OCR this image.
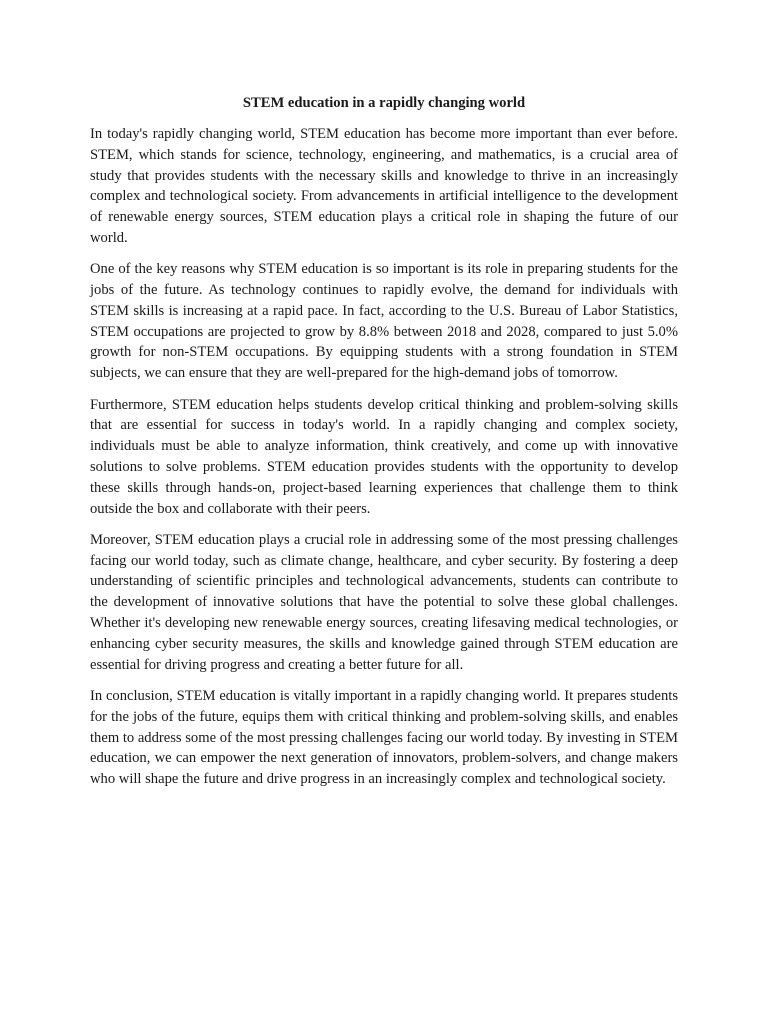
STEM education in a rapidly changing world

In today's rapidly changing world, STEM education has become more important than ever before. STEM, which stands for science, technology, engineering, and mathematics, is a crucial area of study that provides students with the necessary skills and knowledge to thrive in an increasingly complex and technological society. From advancements in artificial intelligence to the development of renewable energy sources, STEM education plays a critical role in shaping the future of our world.

One of the key reasons why STEM education is so important is its role in preparing students for the jobs of the future. As technology continues to rapidly evolve, the demand for individuals with STEM skills is increasing at a rapid pace. In fact, according to the U.S. Bureau of Labor Statistics, STEM occupations are projected to grow by 8.8% between 2018 and 2028, compared to just 5.0% growth for non-STEM occupations. By equipping students with a strong foundation in STEM subjects, we can ensure that they are well-prepared for the high-demand jobs of tomorrow.

Furthermore, STEM education helps students develop critical thinking and problem-solving skills that are essential for success in today's world. In a rapidly changing and complex society, individuals must be able to analyze information, think creatively, and come up with innovative solutions to solve problems. STEM education provides students with the opportunity to develop these skills through hands-on, project-based learning experiences that challenge them to think outside the box and collaborate with their peers.

Moreover, STEM education plays a crucial role in addressing some of the most pressing challenges facing our world today, such as climate change, healthcare, and cyber security. By fostering a deep understanding of scientific principles and technological advancements, students can contribute to the development of innovative solutions that have the potential to solve these global challenges. Whether it's developing new renewable energy sources, creating lifesaving medical technologies, or enhancing cyber security measures, the skills and knowledge gained through STEM education are essential for driving progress and creating a better future for all.

In conclusion, STEM education is vitally important in a rapidly changing world. It prepares students for the jobs of the future, equips them with critical thinking and problem-solving skills, and enables them to address some of the most pressing challenges facing our world today. By investing in STEM education, we can empower the next generation of innovators, problem-solvers, and change makers who will shape the future and drive progress in an increasingly complex and technological society.
